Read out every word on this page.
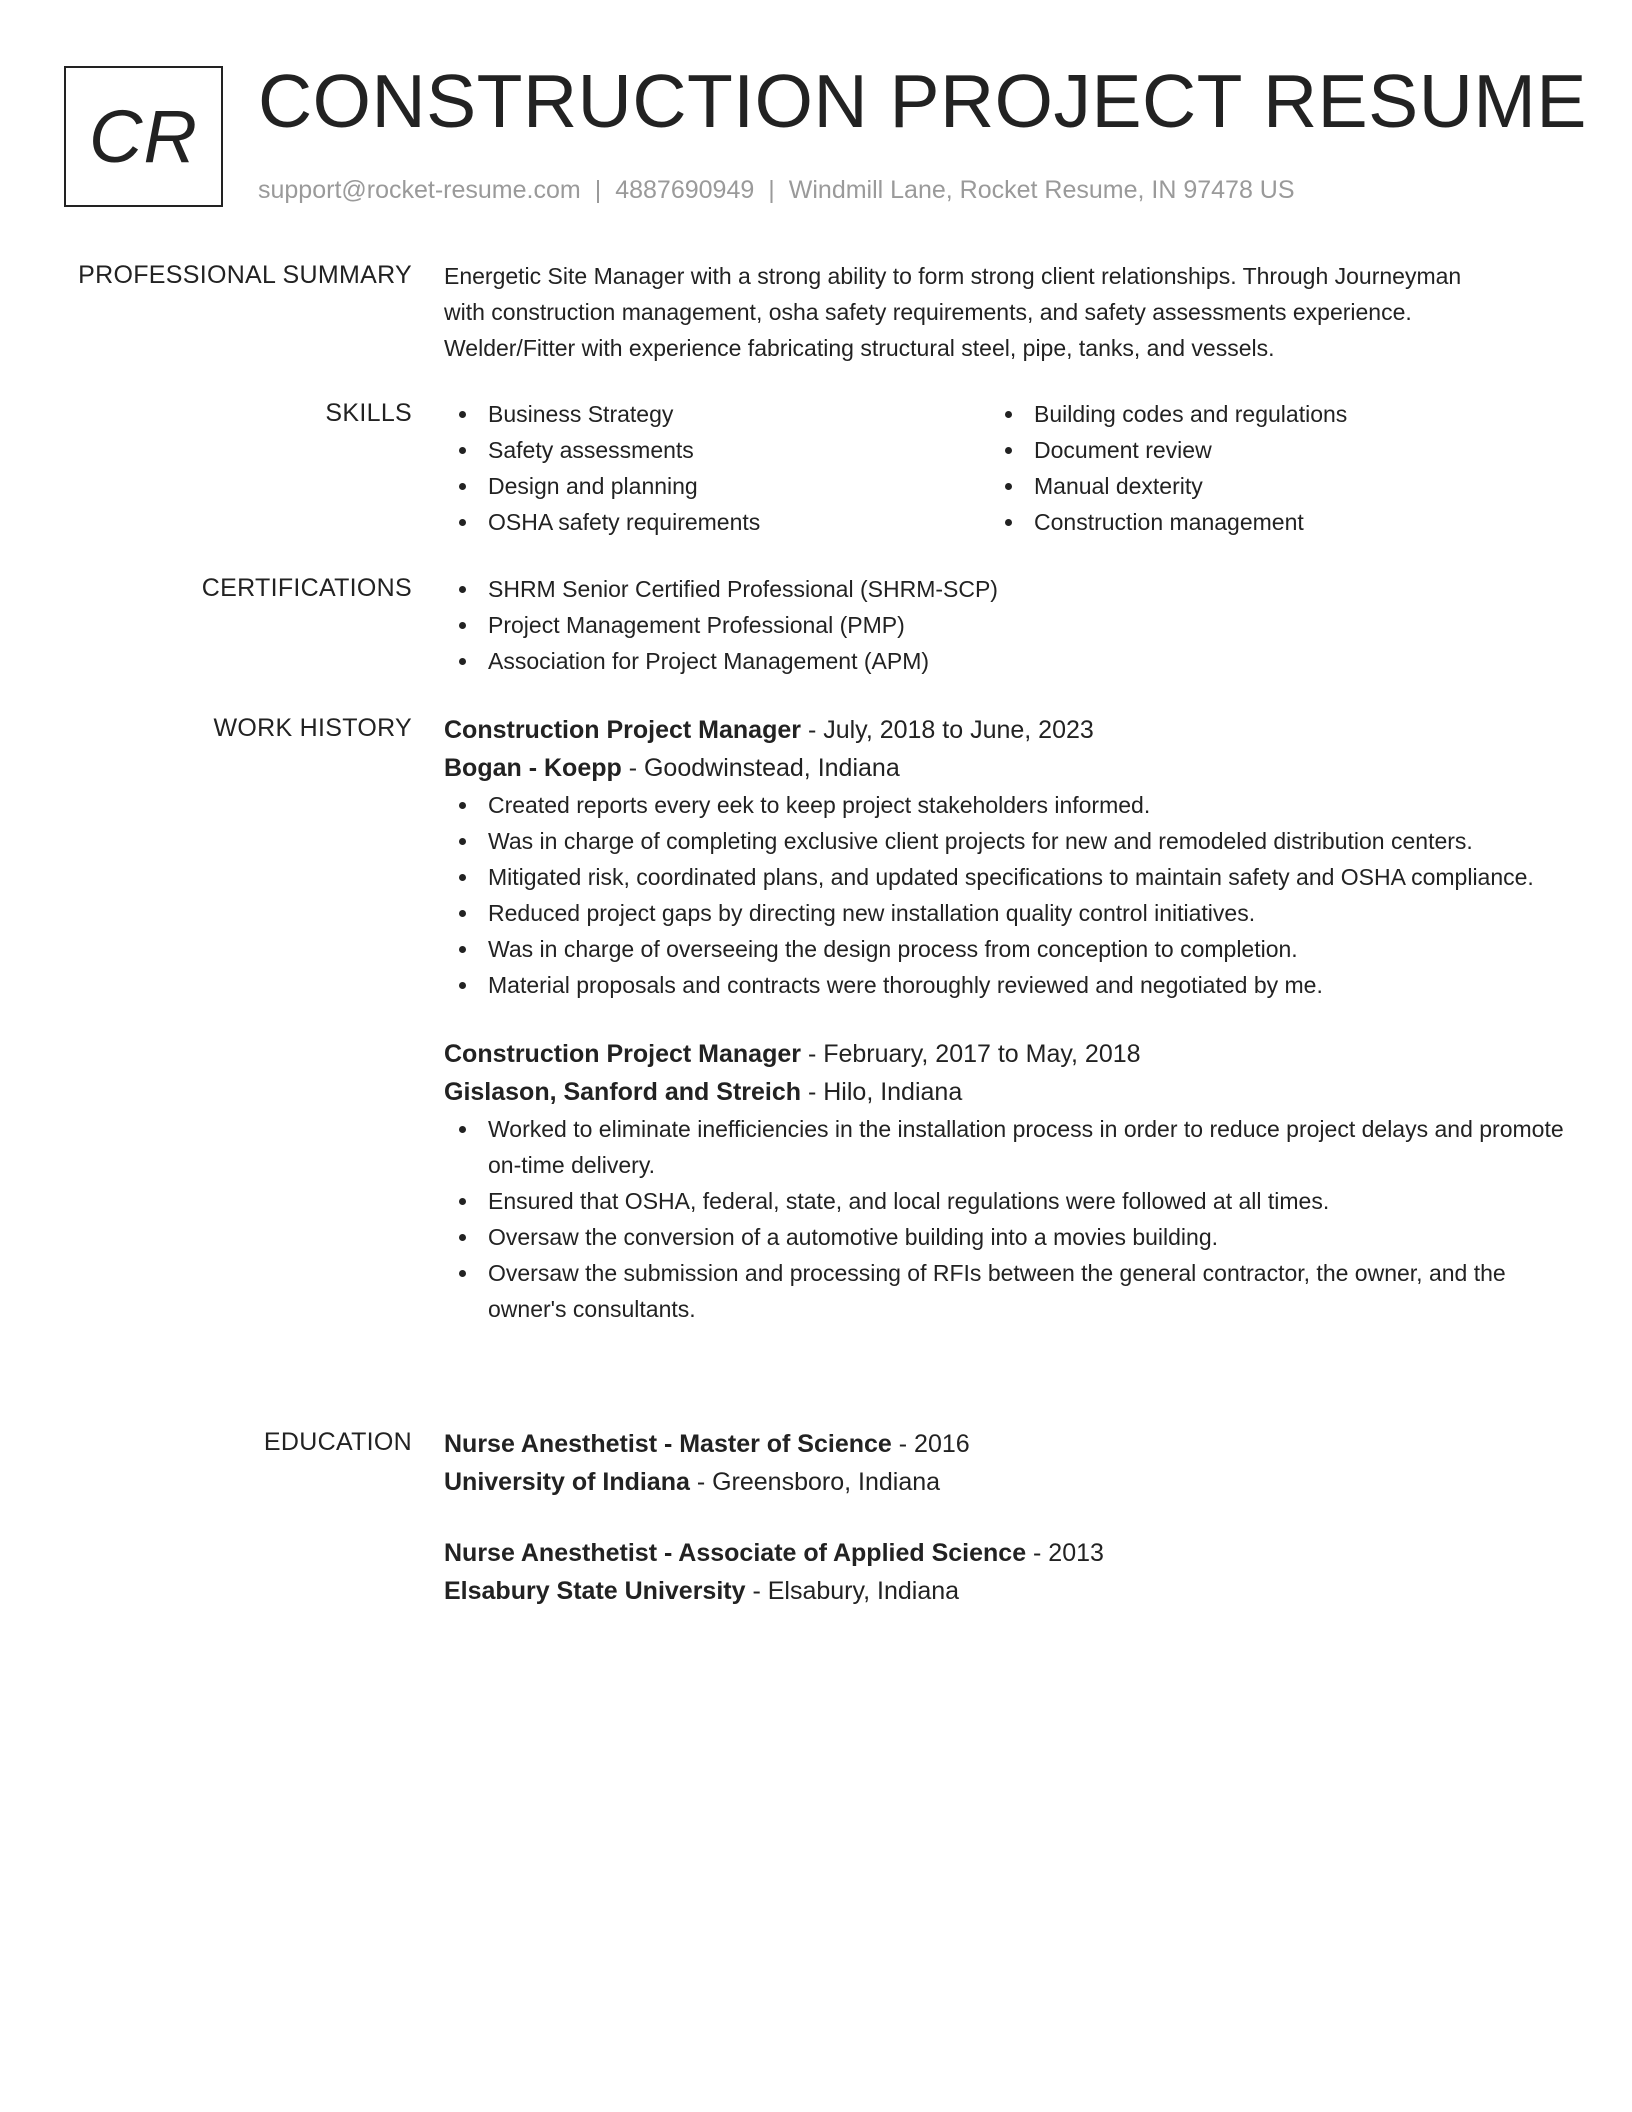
CR CONSTRUCTION PROJECT RESUME
support@rocket-resume.com | 4887690949 | Windmill Lane, Rocket Resume, IN 97478 US
PROFESSIONAL SUMMARY Energetic Site Manager with a strong ability to form strong client relationships. Through Journeyman
with construction management, osha safety requirements, and safety assessments experience.
Welder/Fitter with experience fabricating structural steel, pipe, tanks, and vessels.
SKILLS	Business Strategy
Safety assessments
Design and planning
OSHA safety requirements
Building codes and regulations
Document review
Manual dexterity
Construction management
CERTIFICATIONS	SHRM Senior Certified Professional (SHRM-SCP)
Project Management Professional (PMP)
Association for Project Management (APM)
WORK HISTORY Construction Project Manager - July, 2018 to June, 2023
Bogan - Koepp - Goodwinstead, Indiana
Created reports every eek to keep project stakeholders informed.
Was in charge of completing exclusive client projects for new and remodeled distribution centers.
Mitigated risk, coordinated plans, and updated specifications to maintain safety and OSHA compliance.
Reduced project gaps by directing new installation quality control initiatives.
Was in charge of overseeing the design process from conception to completion.
Material proposals and contracts were thoroughly reviewed and negotiated by me.
Construction Project Manager - February, 2017 to May, 2018
Gislason, Sanford and Streich - Hilo, Indiana
Worked to eliminate inefficiencies in the installation process in order to reduce project delays and promote on-time delivery.
Ensured that OSHA, federal, state, and local regulations were followed at all times.
Oversaw the conversion of a automotive building into a movies building.
Oversaw the submission and processing of RFIs between the general contractor, the owner, and the owner's consultants.
EDUCATION Nurse Anesthetist - Master of Science - 2016
University of Indiana - Greensboro, Indiana
Nurse Anesthetist - Associate of Applied Science - 2013
Elsabury State University - Elsabury, Indiana
